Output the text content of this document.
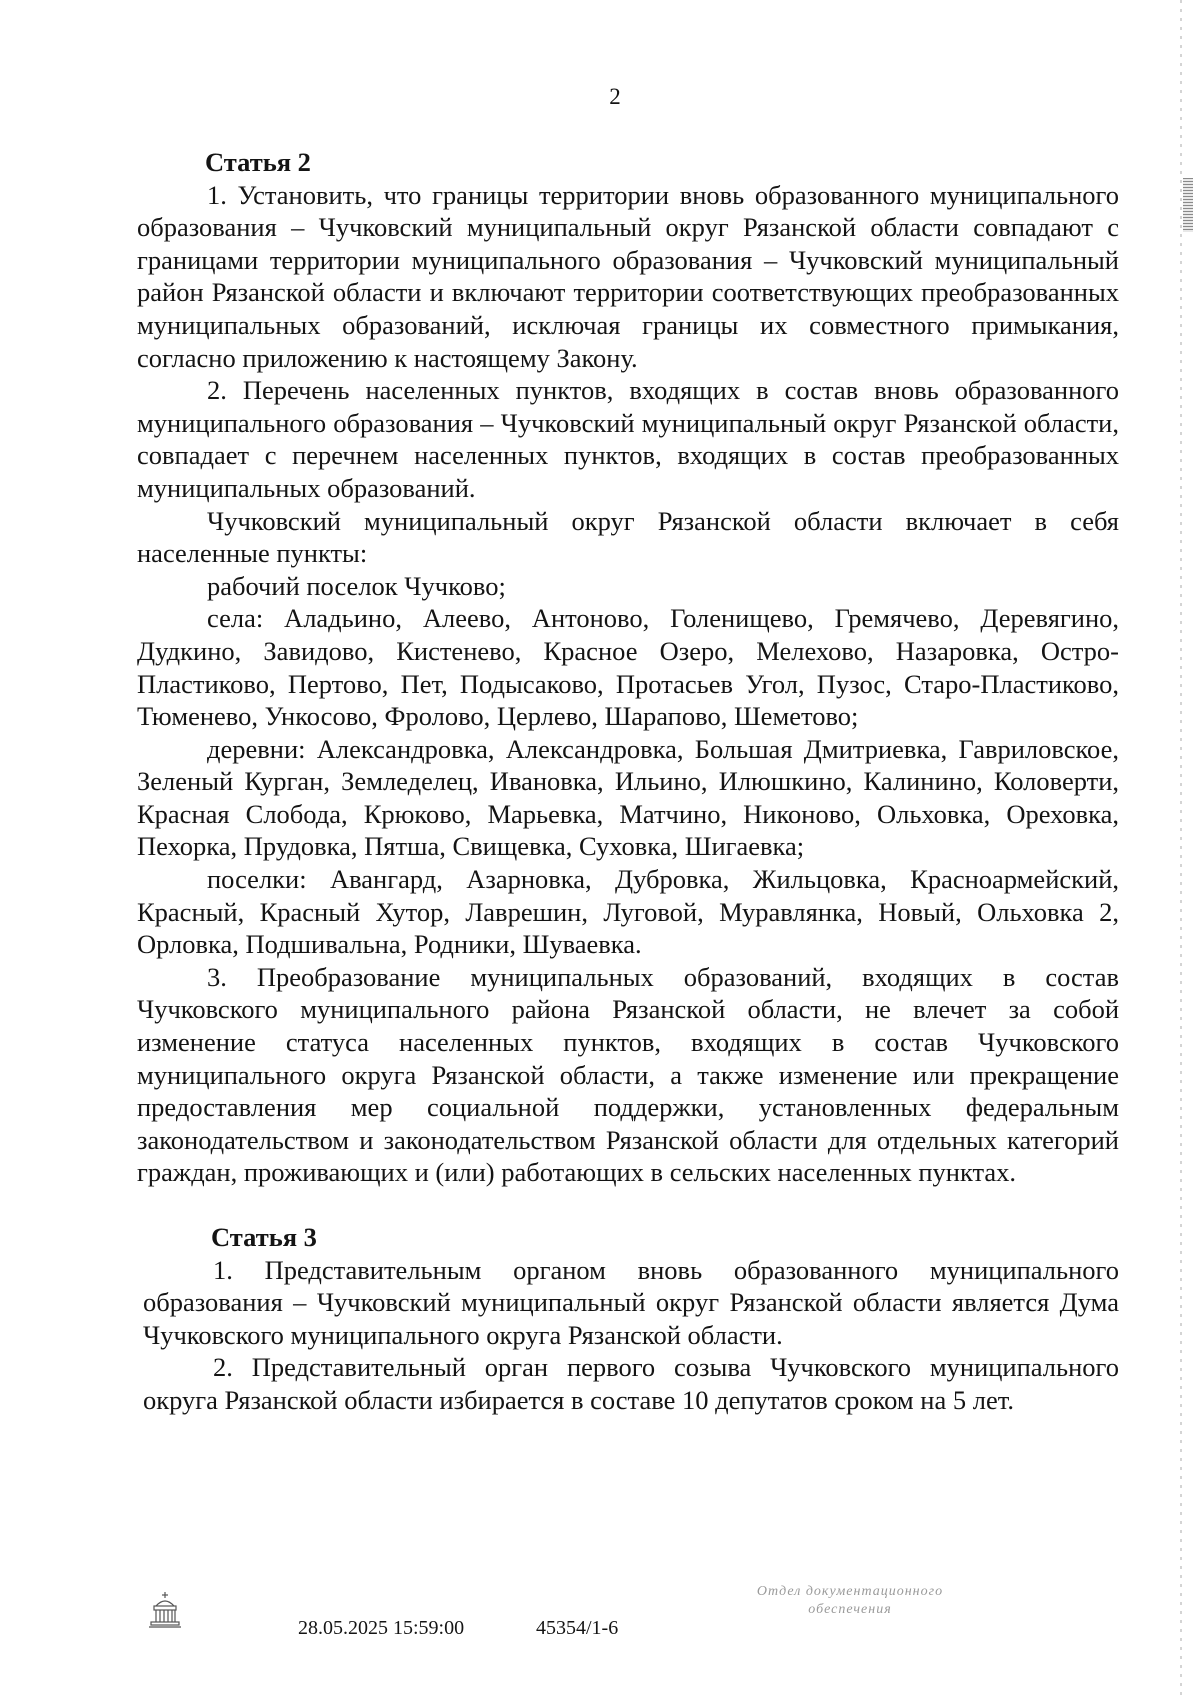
2

Статья 2

1. Установить, что границы территории вновь образованного муниципального образования – Чучковский муниципальный округ Рязанской области совпадают с границами территории муниципального образования – Чучковский муниципальный район Рязанской области и включают территории соответствующих преобразованных муниципальных образований, исключая границы их совместного примыкания, согласно приложению к настоящему Закону.

2. Перечень населенных пунктов, входящих в состав вновь образованного муниципального образования – Чучковский муниципальный округ Рязанской области, совпадает с перечнем населенных пунктов, входящих в состав преобразованных муниципальных образований.

Чучковский муниципальный округ Рязанской области включает в себя населенные пункты:

рабочий поселок Чучково;

села: Аладьино, Алеево, Антоново, Голенищево, Гремячево, Деревягино, Дудкино, Завидово, Кистенево, Красное Озеро, Мелехово, Назаровка, Остро-Пластиково, Пертово, Пет, Подысаково, Протасьев Угол, Пузос, Старо-Пластиково, Тюменево, Ункосово, Фролово, Церлево, Шарапово, Шеметово;

деревни: Александровка, Александровка, Большая Дмитриевка, Гавриловское, Зеленый Курган, Земледелец, Ивановка, Ильино, Илюшкино, Калинино, Коловерти, Красная Слобода, Крюково, Марьевка, Матчино, Никоново, Ольховка, Ореховка, Пехорка, Прудовка, Пятша, Свищевка, Суховка, Шигаевка;

поселки: Авангард, Азарновка, Дубровка, Жильцовка, Красноармейский, Красный, Красный Хутор, Лаврешин, Луговой, Муравлянка, Новый, Ольховка 2, Орловка, Подшивальна, Родники, Шуваевка.

3. Преобразование муниципальных образований, входящих в состав Чучковского муниципального района Рязанской области, не влечет за собой изменение статуса населенных пунктов, входящих в состав Чучковского муниципального округа Рязанской области, а также изменение или прекращение предоставления мер социальной поддержки, установленных федеральным законодательством и законодательством Рязанской области для отдельных категорий граждан, проживающих и (или) работающих в сельских населенных пунктах.

Статья 3

1. Представительным органом вновь образованного муниципального образования – Чучковский муниципальный округ Рязанской области является Дума Чучковского муниципального округа Рязанской области.

2. Представительный орган первого созыва Чучковского муниципального округа Рязанской области избирается в составе 10 депутатов сроком на 5 лет.

28.05.2025 15:59:00	45354/1-6
Отдел документационного
обеспечения
